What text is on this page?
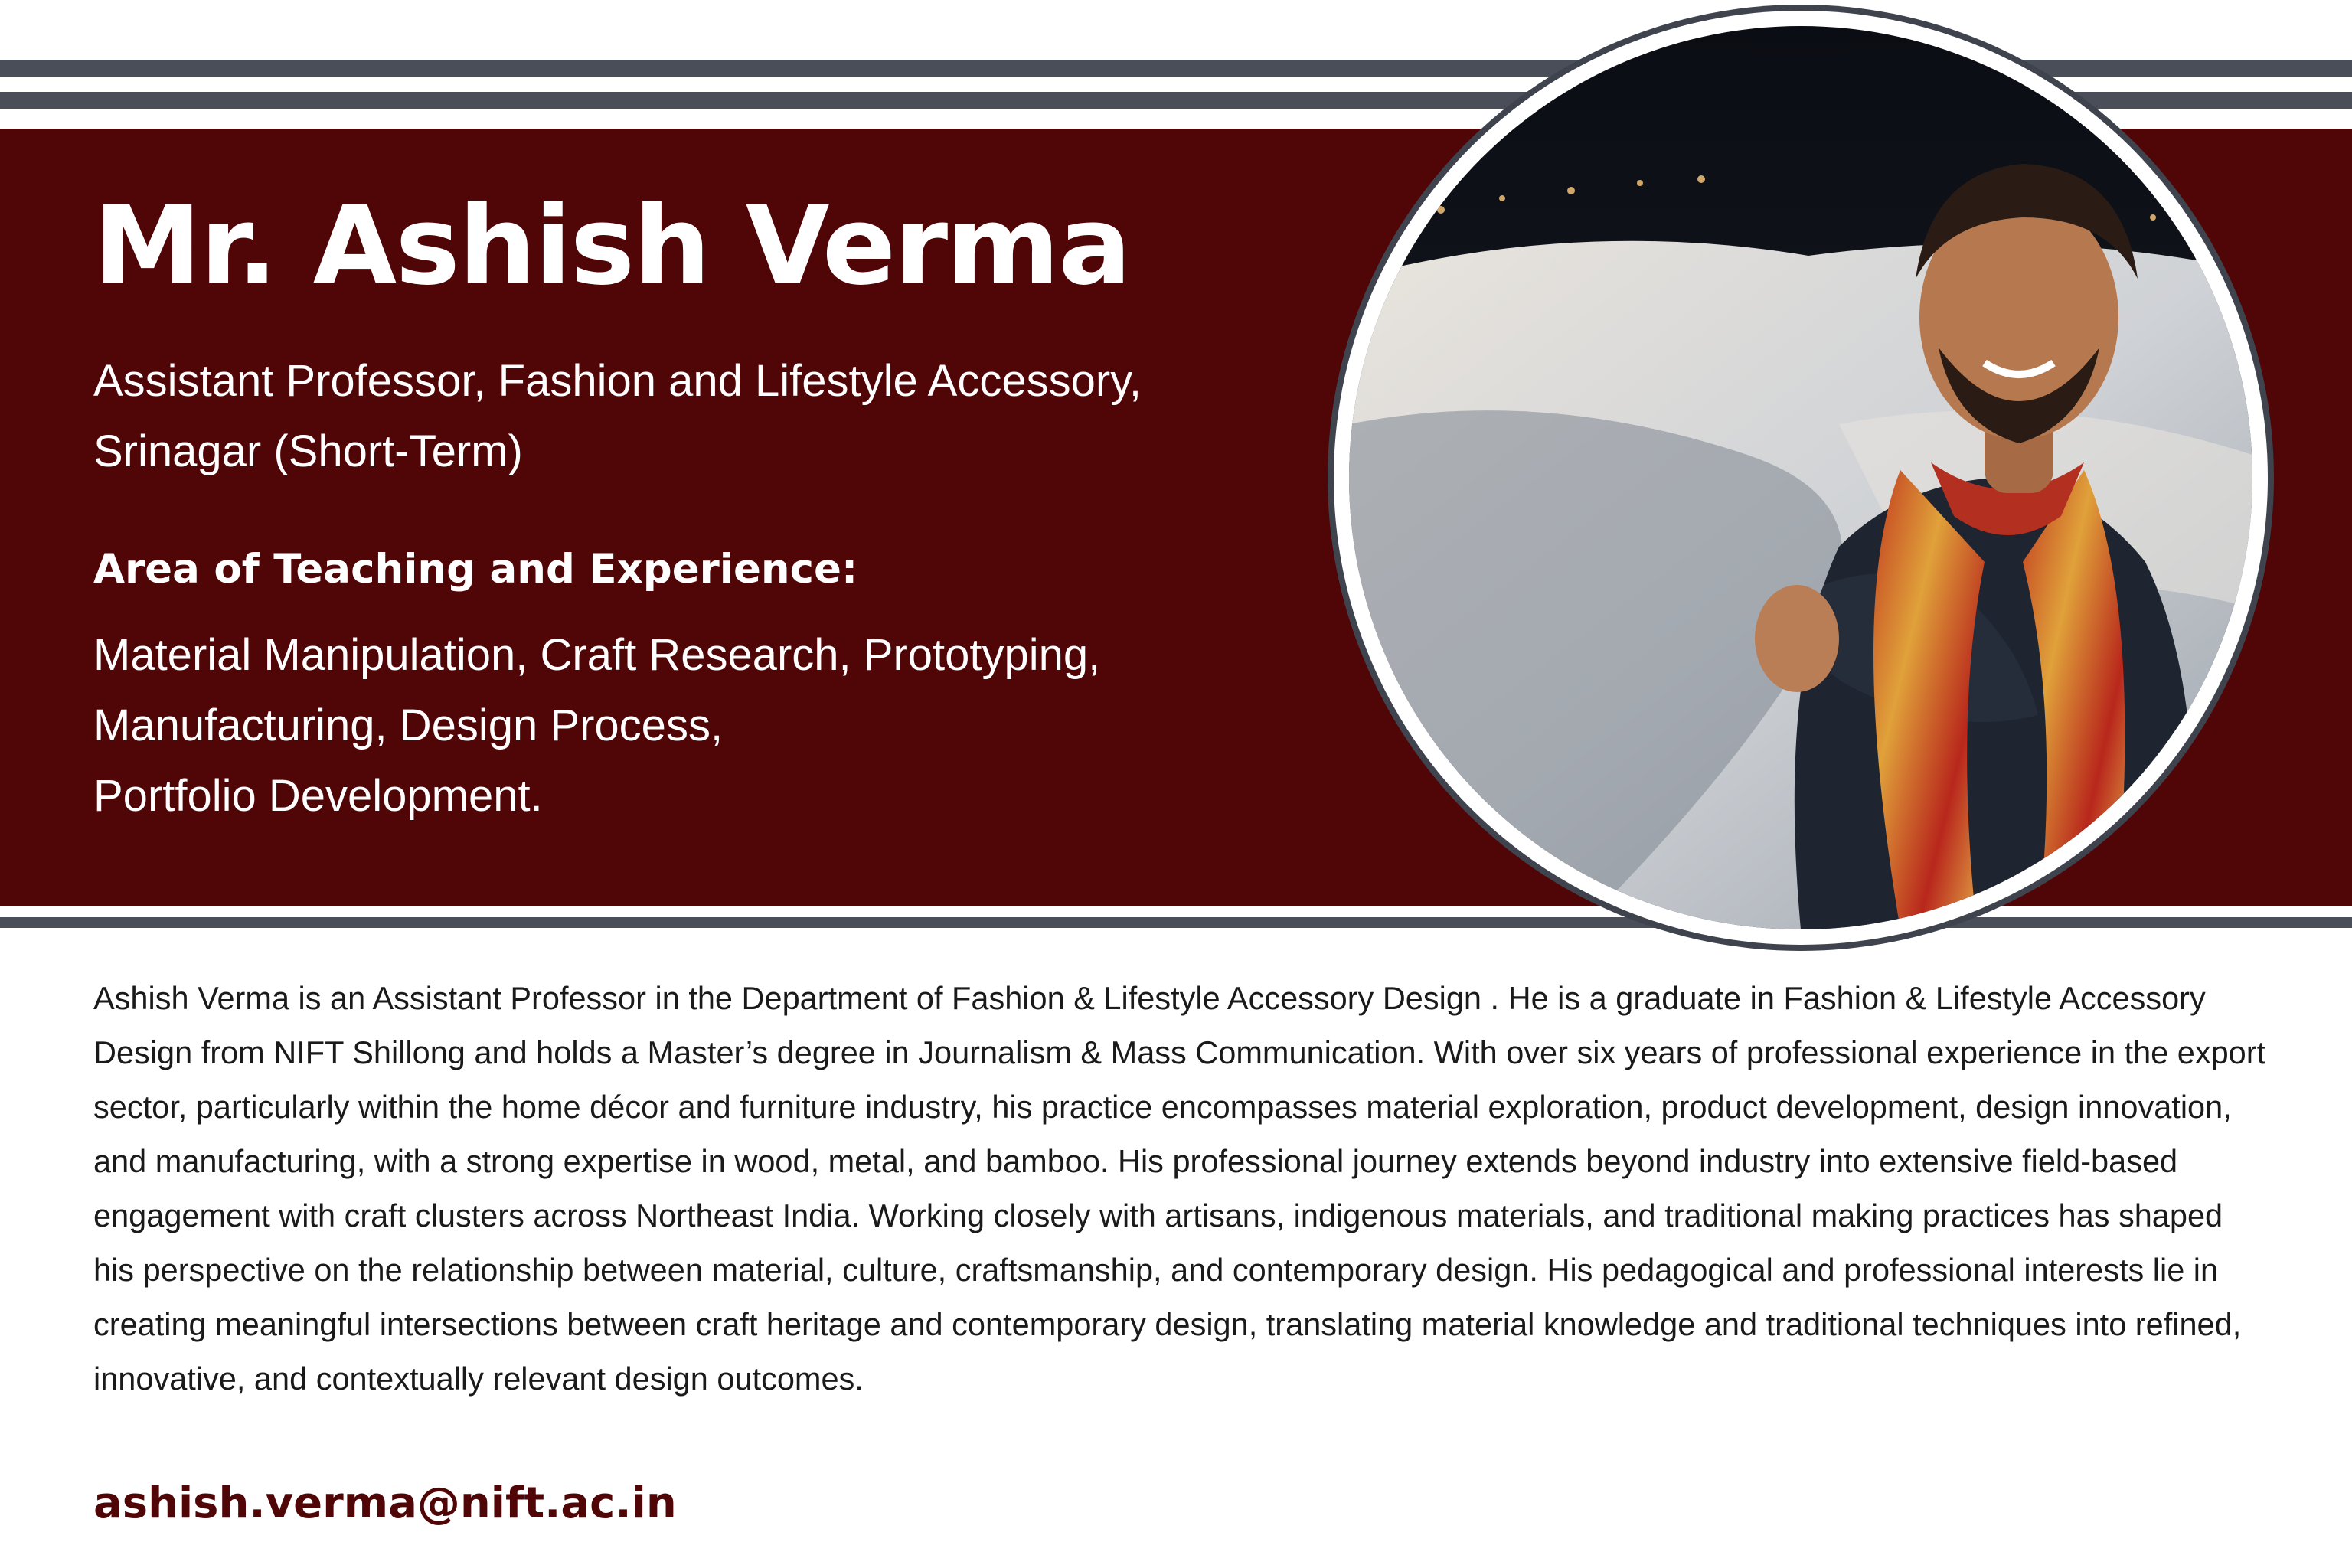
Mr. Ashish Verma

Assistant Professor, Fashion and Lifestyle Accessory,
Srinagar (Short-Term)

Area of Teaching and Experience:

Material Manipulation, Craft Research, Prototyping,
Manufacturing, Design Process,
Portfolio Development.

Ashish Verma is an Assistant Professor in the Department of Fashion & Lifestyle Accessory Design . He is a graduate in Fashion & Lifestyle Accessory Design from NIFT Shillong and holds a Master’s degree in Journalism & Mass Communication. With over six years of professional experience in the export sector, particularly within the home décor and furniture industry, his practice encompasses material exploration, product development, design innovation, and manufacturing, with a strong expertise in wood, metal, and bamboo. His professional journey extends beyond industry into extensive field-based engagement with craft clusters across Northeast India. Working closely with artisans, indigenous materials, and traditional making practices has shaped his perspective on the relationship between material, culture, craftsmanship, and contemporary design. His pedagogical and professional interests lie in creating meaningful intersections between craft heritage and contemporary design, translating material knowledge and traditional techniques into refined, innovative, and contextually relevant design outcomes.

ashish.verma@nift.ac.in
